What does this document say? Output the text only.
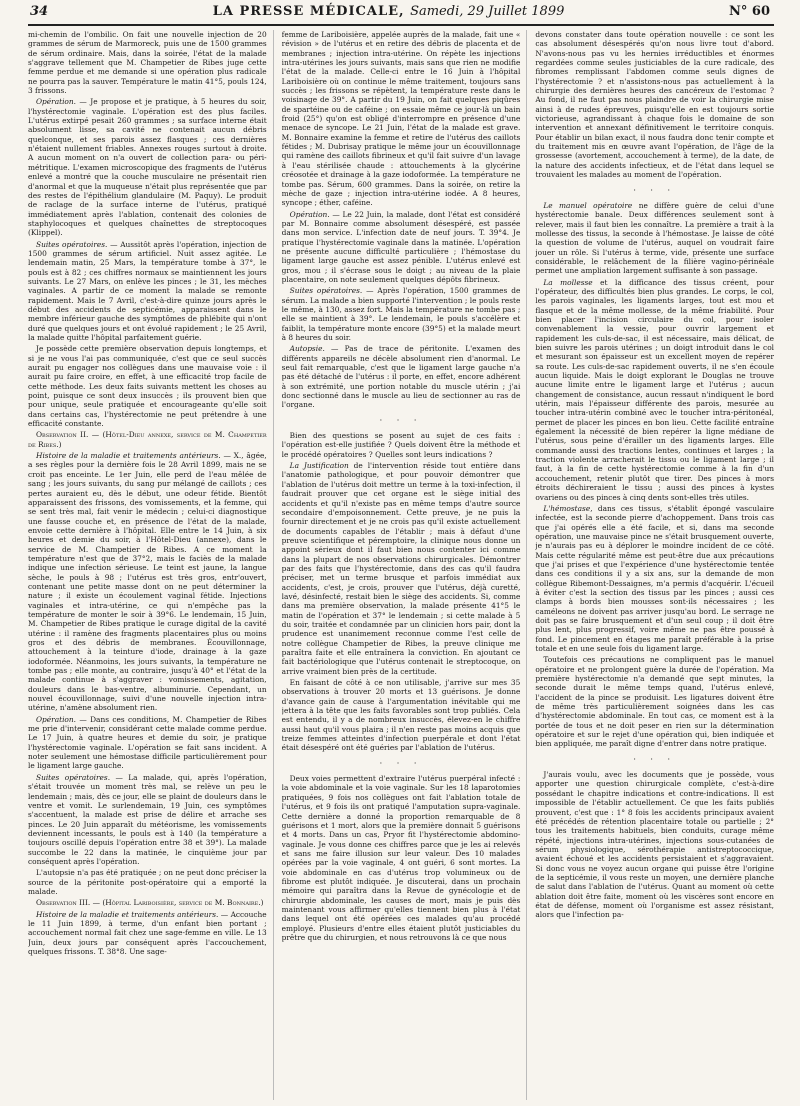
34	LA PRESSE MÉDICALE, Samedi, 29 Juillet 1899	N° 60

mi-chemin de l'ombilic. On fait une nouvelle injection de 20 grammes de sérum de Marmoreck, puis une de 1500 grammes de sérum ordinaire. Mais, dans la soirée, l'état de la malade s'aggrave tellement que M. Champetier de Ribes juge cette femme perdue et me demande si une opération plus radicale ne pourra pas la sauver. Température le matin 41°5, pouls 124, 3 frissons.

Opération. — Je propose et je pratique, à 5 heures du soir, l'hystérectomie vaginale. L'opération est des plus faciles. L'utérus extirpé pesait 260 grammes ; sa surface interne était absolument lisse, sa cavité ne contenait aucun débris quelconque, et ses parois assez flasques ; ces dernières n'étaient nullement friables. Annexes rouges surtout à droite. A aucun moment on n'a ouvert de collection para- ou péri-métritique. L'examen microscopique des fragments de l'utérus enlevé a montré que la couche musculaire ne présentait rien d'anormal et que la muqueuse n'était plus représentée que par des restes de l'épithélium glandulaire (M. Paquy). Le produit de raclage de la surface interne de l'utérus, pratiqué immédiatement après l'ablation, contenait des colonies de staphylocoques et quelques chaînettes de streptocoques (Klippel).

Suites opératoires. — Aussitôt après l'opération, injection de 1500 grammes de sérum artificiel. Nuit assez agitée. Le lendemain matin, 25 Mars, la température tombe à 37°, le pouls est à 82 ; ces chiffres normaux se maintiennent les jours suivants. Le 27 Mars, on enlève les pinces ; le 31, les mèches vaginales. A partir de ce moment la malade se remonte rapidement. Mais le 7 Avril, c'est-à-dire quinze jours après le début des accidents de septicémie, apparaissent dans le membre inférieur gauche des symptômes de phlébite qui n'ont duré que quelques jours et ont évolué rapidement ; le 25 Avril, la malade quitte l'hôpital parfaitement guérie.

Je possède cette première observation depuis longtemps, et si je ne vous l'ai pas communiquée, c'est que ce seul succès aurait pu engager nos collègues dans une mauvaise voie : il aurait pu faire croire, en effet, à une efficacité trop facile de cette méthode. Les deux faits suivants mettent les choses au point, puisque ce sont deux insuccès ; ils prouvent bien que pour unique, seule pratiquée et encourageante qu'elle soit dans certains cas, l'hystérectomie ne peut prétendre à une efficacité constante.

Observation II. — (Hôtel-Dieu annexe, service de M. Champetier de Ribes.)

Histoire de la maladie et traitements antérieurs. — X., âgée, a ses règles pour la dernière fois le 28 Avril 1899, mais ne se croit pas enceinte. Le 1er Juin, elle perd de l'eau mêlée de sang ; les jours suivants, du sang pur mélangé de caillots ; ces pertes auraient eu, dès le début, une odeur fétide. Bientôt apparaissent des frissons, des vomissements, et la femme, qui se sent très mal, fait venir le médecin ; celui-ci diagnostique une fausse couche et, en présence de l'état de la malade, envoie cette dernière à l'hôpital. Elle entre le 14 Juin, à six heures et demie du soir, à l'Hôtel-Dieu (annexe), dans le service de M. Champetier de Ribes. A ce moment la température n'est que de 37°2, mais le faciès de la malade indique une infection sérieuse. Le teint est jaune, la langue sèche, le pouls à 98 ; l'utérus est très gros, entr'ouvert, contenant une petite masse dont on ne peut déterminer la nature ; il existe un écoulement vaginal fétide. Injections vaginales et intra-utérine, ce qui n'empêche pas la température de monter le soir à 39°6. Le lendemain, 15 Juin, M. Champetier de Ribes pratique le curage digital de la cavité utérine : il ramène des fragments placentaires plus ou moins gros et des débris de membranes. Écouvillonnage, attouchement à la teinture d'iode, drainage à la gaze iodoformée. Néanmoins, les jours suivants, la température ne tombe pas ; elle monte, au contraire, jusqu'à 40° et l'état de la malade continue à s'aggraver : vomissements, agitation, douleurs dans le bas-ventre, albuminurie. Cependant, un nouvel écouvillonnage, suivi d'une nouvelle injection intra-utérine, n'amène absolument rien.

Opération. — Dans ces conditions, M. Champetier de Ribes me prie d'intervenir, considérant cette malade comme perdue. Le 17 Juin, à quatre heures et demie du soir, je pratique l'hystérectomie vaginale. L'opération se fait sans incident. A noter seulement une hémostase difficile particulièrement pour le ligament large gauche.

Suites opératoires. — La malade, qui, après l'opération, s'était trouvée un moment très mal, se relève un peu le lendemain ; mais, dès ce jour, elle se plaint de douleurs dans le ventre et vomit. Le surlendemain, 19 Juin, ces symptômes s'accentuent, la malade est prise de délire et arrache ses pinces. Le 20 Juin apparaît du météorisme, les vomissements deviennent incessants, le pouls est à 140 (la température a toujours oscillé depuis l'opération entre 38 et 39°). La malade succombe le 22 dans la matinée, le cinquième jour par conséquent après l'opération.

L'autopsie n'a pas été pratiquée ; on ne peut donc préciser la source de la péritonite post-opératoire qui a emporté la malade.

Observation III. — (Hôpital Lariboisière, service de M. Bonnaire.)

Histoire de la maladie et traitements antérieurs. — Accouche le 11 Juin 1899, à terme, d'un enfant bien portant ; accouchement normal fait chez une sage-femme en ville. Le 13 Juin, deux jours par conséquent après l'accouchement, quelques frissons. T. 38°8. Une sage-

femme de Lariboisière, appelée auprès de la malade, fait une « révision » de l'utérus et en retire des débris de placenta et de membranes ; injection intra-utérine. On répète les injections intra-utérines les jours suivants, mais sans que rien ne modifie l'état de la malade. Celle-ci entre le 16 Juin à l'hôpital Lariboisière où on continue le même traitement, toujours sans succès ; les frissons se répètent, la température reste dans le voisinage de 39°. A partir du 19 Juin, on fait quelques piqûres de spartéine ou de caféine ; on essaie même ce jour-là un bain froid (25°) qu'on est obligé d'interrompre en présence d'une menace de syncope. Le 21 Juin, l'état de la malade est grave. M. Bonnaire examine la femme et retire de l'utérus des caillots fétides ; M. Dubrisay pratique le même jour un écouvillonnage qui ramène des caillots fibrineux et qu'il fait suivre d'un lavage à l'eau stérilisée chaude : attouchements à la glycérine créosotée et drainage à la gaze iodoformée. La température ne tombe pas. Sérum, 600 grammes. Dans la soirée, on retire la mèche de gaze ; injection intra-utérine iodée. A 8 heures, syncope ; éther, caféine.

Opération. — Le 22 Juin, la malade, dont l'état est considéré par M. Bonnaire comme absolument désespéré, est passée dans mon service. L'infection date de neuf jours. T. 39°4. Je pratique l'hystérectomie vaginale dans la matinée. L'opération ne présente aucune difficulté particulière ; l'hémostase du ligament large gauche est assez pénible. L'utérus enlevé est gros, mou ; il s'écrase sous le doigt ; au niveau de la plaie placentaire, on note seulement quelques dépôts fibrineux.

Suites opératoires. — Après l'opération, 1500 grammes de sérum. La malade a bien supporté l'intervention ; le pouls reste le même, à 130, assez fort. Mais la température ne tombe pas ; elle se maintient à 39°. Le lendemain, le pouls s'accélère et faiblit, la température monte encore (39°5) et la malade meurt à 8 heures du soir.

Autopsie. — Pas de trace de péritonite. L'examen des différents appareils ne décèle absolument rien d'anormal. Le seul fait remarquable, c'est que le ligament large gauche n'a pas été détaché de l'utérus : il porte, en effet, encore adhérent à son extrémité, une portion notable du muscle utérin ; j'ai donc sectionné dans le muscle au lieu de sectionner au ras de l'organe.

· · ·

Bien des questions se posent au sujet de ces faits : l'opération est-elle justifiée ? Quels doivent être la méthode et le procédé opératoires ? Quelles sont leurs indications ?

La Justification de l'intervention réside tout entière dans l'anatomie pathologique, et pour pouvoir démontrer que l'ablation de l'utérus doit mettre un terme à la toxi-infection, il faudrait prouver que cet organe est le siège initial des accidents et qu'il n'existe pas en même temps d'autre source secondaire d'empoisonnement. Cette preuve, je ne puis la fournir directement et je ne crois pas qu'il existe actuellement de documents capables de l'établir ; mais à défaut d'une preuve scientifique et péremptoire, la clinique nous donne un appoint sérieux dont il faut bien nous contenter ici comme dans la plupart de nos observations chirurgicales. Démontrer par des faits que l'hystérectomie, dans des cas qu'il faudra préciser, met un terme brusque et parfois immédiat aux accidents, c'est, je crois, prouver que l'utérus, déjà curetté, lavé, désinfecté, restait bien le siège des accidents. Si, comme dans ma première observation, la malade présente 41°5 le matin de l'opération et 37° le lendemain ; si cette malade à 5 du soir, traitée et condamnée par un clinicien hors pair, dont la prudence est unanimement reconnue comme l'est celle de notre collègue Champetier de Ribes, la preuve clinique me paraîtra faite et elle entraînera la conviction. En ajoutant ce fait bactériologique que l'utérus contenait le streptocoque, on arrive vraiment bien près de la certitude.

En faisant de côté à ce non utilisable, j'arrive sur mes 35 observations à trouver 20 morts et 13 guérisons. Je donne d'avance gain de cause à l'argumentation inévitable qui me jettera à la tête que les faits favorables sont trop publiés. Cela est entendu, il y a de nombreux insuccès, élevez-en le chiffre aussi haut qu'il vous plaira ; il n'en reste pas moins acquis que treize femmes atteintes d'infection puerpérale et dont l'état était désespéré ont été guéries par l'ablation de l'utérus.

· · ·

Deux voies permettent d'extraire l'utérus puerpéral infecté : la voie abdominale et la voie vaginale. Sur les 18 laparotomies pratiquées, 9 fois nos collègues ont fait l'ablation totale de l'utérus, et 9 fois ils ont pratiqué l'amputation supra-vaginale. Cette dernière a donné la proportion remarquable de 8 guérisons et 1 mort, alors que la première donnait 5 guérisons et 4 morts. Dans un cas, Pryor fit l'hystérectomie abdomino-vaginale. Je vous donne ces chiffres parce que je les ai relevés et sans me faire illusion sur leur valeur. Des 10 malades opérées par la voie vaginale, 4 ont guéri, 6 sont mortes. La voie abdominale en cas d'utérus trop volumineux ou de fibrome est plutôt indiquée. Je discuterai, dans un prochain mémoire qui paraîtra dans la Revue de gynécologie et de chirurgie abdominale, les causes de mort, mais je puis dès maintenant vous affirmer qu'elles tiennent bien plus à l'état dans lequel ont été opérées ces malades qu'au procédé employé. Plusieurs d'entre elles étaient plutôt justiciables du prêtre que du chirurgien, et nous retrouvons là ce que nous

devons constater dans toute opération nouvelle : ce sont les cas absolument désespérés qu'on nous livre tout d'abord. N'avons-nous pas vu les hernies irréductibles et énormes regardées comme seules justiciables de la cure radicale, des fibromes remplissant l'abdomen comme seuls dignes de l'hystérectomie ? et n'assistons-nous pas actuellement à la chirurgie des dernières heures des cancéreux de l'estomac ? Au fond, il ne faut pas nous plaindre de voir la chirurgie mise ainsi à de rudes épreuves, puisqu'elle en est toujours sortie victorieuse, agrandissant à chaque fois le domaine de son intervention et annexant définitivement le territoire conquis. Pour établir un bilan exact, il nous faudra donc tenir compte et du traitement mis en œuvre avant l'opération, de l'âge de la grossesse (avortement, accouchement à terme), de la date, de la nature des accidents infectieux, et de l'état dans lequel se trouvaient les malades au moment de l'opération.

· · ·

Le manuel opératoire ne diffère guère de celui d'une hystérectomie banale. Deux différences seulement sont à relever, mais il faut bien les connaître. La première a trait à la mollesse des tissus, la seconde à l'hémostase. Je laisse de côté la question de volume de l'utérus, auquel on voudrait faire jouer un rôle. Si l'utérus à terme, vide, présente une surface considérable, le relâchement de la filière vagino-périnéale permet une ampliation largement suffisante à son passage.

La mollesse et la difficance des tissus créent, pour l'opérateur, des difficultés bien plus grandes. Le corps, le col, les parois vaginales, les ligaments larges, tout est mou et flasque et de la même mollesse, de la même friabilité. Pour bien placer l'incision circulaire du col, pour isoler convenablement la vessie, pour ouvrir largement et rapidement les culs-de-sac, il est nécessaire, mais délicat, de bien suivre les parois utérines ; un doigt introduit dans le col et mesurant son épaisseur est un excellent moyen de repérer sa route. Les culs-de-sac rapidement ouverts, il ne s'en écoule aucun liquide. Mais le doigt explorant le Douglas ne trouve aucune limite entre le ligament large et l'utérus ; aucun changement de consistance, aucun ressaut n'indiquent le bord utérin, mais l'épaisseur différente des parois, mesurée au toucher intra-utérin combiné avec le toucher intra-péritonéal, permet de placer les pinces en bon lieu. Cette facilité entraîne également la nécessité de bien repérer la ligne médiane de l'utérus, sous peine d'érailler un des ligaments larges. Elle commande aussi des tractions lentes, continues et larges ; la traction violente arracherait le tissu ou le ligament large ; il faut, à la fin de cette hystérectomie comme à la fin d'un accouchement, retenir plutôt que tirer. Des pinces à mors étroits déchireraient le tissu ; aussi des pinces à kystes ovariens ou des pinces à cinq dents sont-elles très utiles.

L'hémostase, dans ces tissus, s'établit épongé vasculaire infectée, est la seconde pierre d'achoppement. Dans trois cas que j'ai opérés elle a été facile, et si, dans ma seconde opération, une mauvaise pince ne s'était brusquement ouverte, je n'aurais pas eu à déplorer le moindre incident de ce côté. Mais cette régularité même est peut-être due aux précautions que j'ai prises et que l'expérience d'une hystérectomie tentée dans ces conditions il y a six ans, sur la demande de mon collègue Ribemont-Dessaignes, m'a permis d'acquérir. L'écueil à éviter c'est la section des tissus par les pinces ; aussi ces clamps à bords bien mousses sont-ils nécessaires ; les caméleons ne doivent pas arriver jusqu'au bord. Le serrage ne doit pas se faire brusquement et d'un seul coup ; il doit être plus lent, plus progressif, voire même ne pas être poussé à fond. Le pincement en étages me paraît préférable à la prise totale et en une seule fois du ligament large.

Toutefois ces précautions ne compliquent pas le manuel opératoire et ne prolongent guère la durée de l'opération. Ma première hystérectomie n'a demandé que sept minutes, la seconde durait le même temps quand, l'utérus enlevé, l'accident de la pince se produisit. Les ligatures doivent être de même très particulièrement soignées dans les cas d'hystérectomie abdominale. En tout cas, ce moment est à la portée de tous et ne doit peser en rien sur la détermination opératoire et sur le rejet d'une opération qui, bien indiquée et bien appliquée, me paraît digne d'entrer dans notre pratique.

· · ·

J'aurais voulu, avec les documents que je possède, vous apporter une question chirurgicale complète, c'est-à-dire possédant le chapitre indications et contre-indications. Il est impossible de l'établir actuellement. Ce que les faits publiés prouvent, c'est que : 1° 8 fois les accidents principaux avaient été précédés de rétention placentaire totale ou partielle ; 2° tous les traitements habituels, bien conduits, curage même répété, injections intra-utérines, injections sous-cutanées de sérum physiologique, sérothérapie antistreptococcique, avaient échoué et les accidents persistaient et s'aggravaient. Si donc vous ne voyez aucun organe qui puisse être l'origine de la septicémie, il vous reste un moyen, une dernière planche de salut dans l'ablation de l'utérus. Quant au moment où cette ablation doit être faite, moment où les viscères sont encore en état de défense, moment où l'organisme est assez résistant, alors que l'infection pa-
